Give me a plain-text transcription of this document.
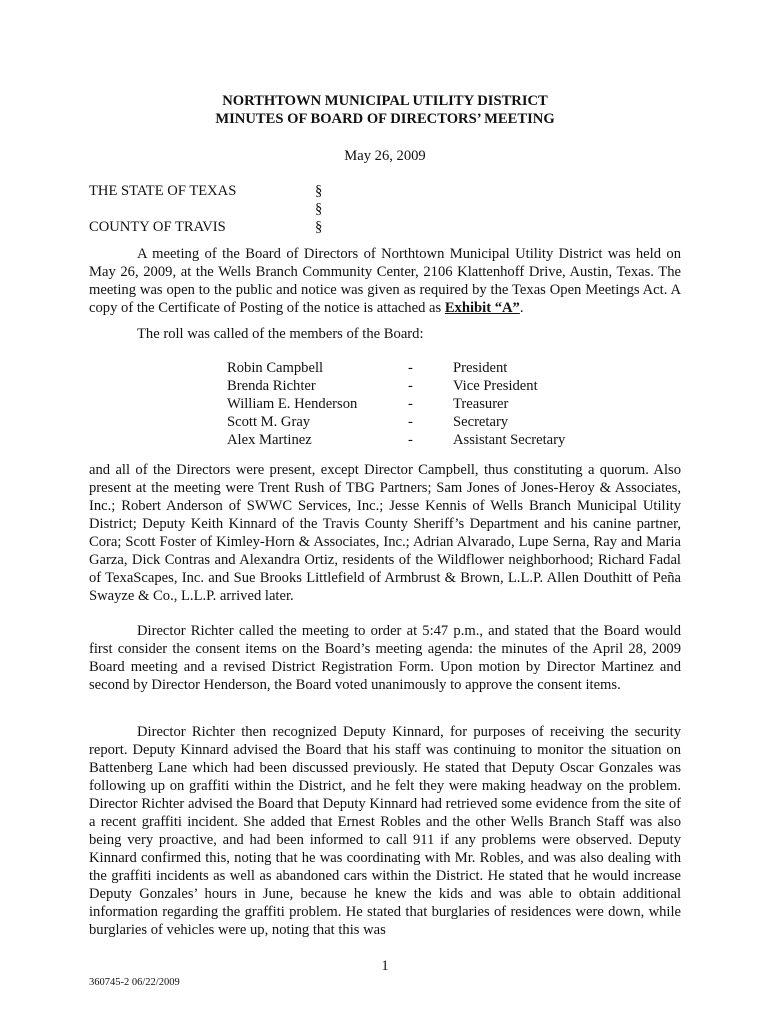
NORTHTOWN MUNICIPAL UTILITY DISTRICT
MINUTES OF BOARD OF DIRECTORS’ MEETING
May 26, 2009
THE STATE OF TEXAS	§
§
COUNTY OF TRAVIS	§

A meeting of the Board of Directors of Northtown Municipal Utility District was held on May 26, 2009, at the Wells Branch Community Center, 2106 Klattenhoff Drive, Austin, Texas. The meeting was open to the public and notice was given as required by the Texas Open Meetings Act. A copy of the Certificate of Posting of the notice is attached as Exhibit “A”.

The roll was called of the members of the Board:

Robin Campbell	-	President
Brenda Richter	-	Vice President
William E. Henderson	-	Treasurer
Scott M. Gray	-	Secretary
Alex Martinez	-	Assistant Secretary

and all of the Directors were present, except Director Campbell, thus constituting a quorum. Also present at the meeting were Trent Rush of TBG Partners; Sam Jones of Jones-Heroy & Associates, Inc.; Robert Anderson of SWWC Services, Inc.; Jesse Kennis of Wells Branch Municipal Utility District; Deputy Keith Kinnard of the Travis County Sheriff’s Department and his canine partner, Cora; Scott Foster of Kimley-Horn & Associates, Inc.; Adrian Alvarado, Lupe Serna, Ray and Maria Garza, Dick Contras and Alexandra Ortiz, residents of the Wildflower neighborhood; Richard Fadal of TexaScapes, Inc. and Sue Brooks Littlefield of Armbrust & Brown, L.L.P. Allen Douthitt of Peña Swayze & Co., L.L.P. arrived later.

Director Richter called the meeting to order at 5:47 p.m., and stated that the Board would first consider the consent items on the Board’s meeting agenda: the minutes of the April 28, 2009 Board meeting and a revised District Registration Form. Upon motion by Director Martinez and second by Director Henderson, the Board voted unanimously to approve the consent items.

Director Richter then recognized Deputy Kinnard, for purposes of receiving the security report. Deputy Kinnard advised the Board that his staff was continuing to monitor the situation on Battenberg Lane which had been discussed previously. He stated that Deputy Oscar Gonzales was following up on graffiti within the District, and he felt they were making headway on the problem. Director Richter advised the Board that Deputy Kinnard had retrieved some evidence from the site of a recent graffiti incident. She added that Ernest Robles and the other Wells Branch Staff was also being very proactive, and had been informed to call 911 if any problems were observed. Deputy Kinnard confirmed this, noting that he was coordinating with Mr. Robles, and was also dealing with the graffiti incidents as well as abandoned cars within the District. He stated that he would increase Deputy Gonzales’ hours in June, because he knew the kids and was able to obtain additional information regarding the graffiti problem. He stated that burglaries of residences were down, while burglaries of vehicles were up, noting that this was

1
360745-2 06/22/2009
